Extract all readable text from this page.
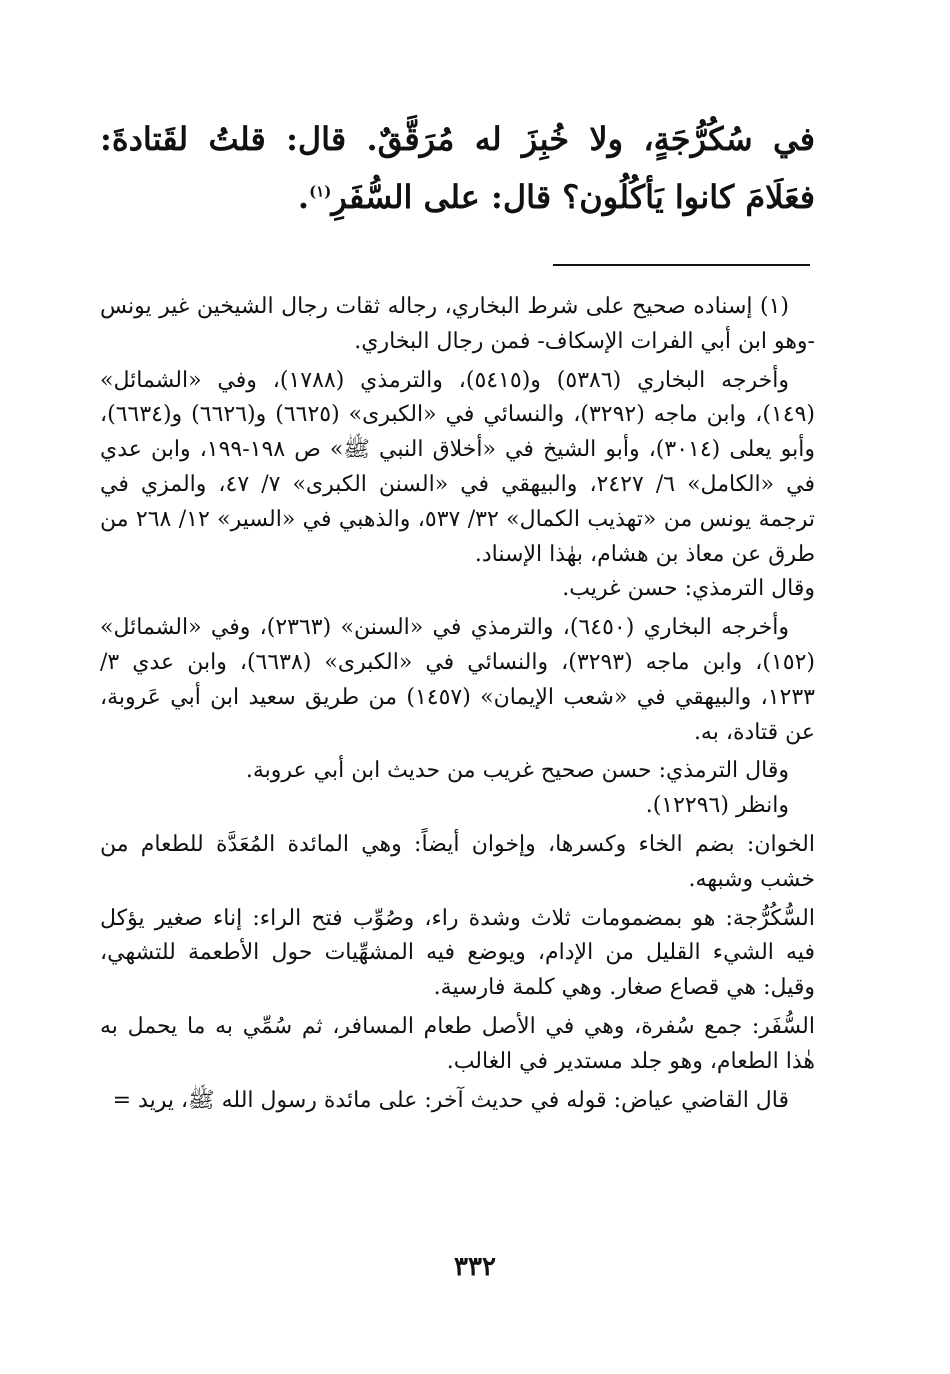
في سُكُرُّجَةٍ، ولا خُبِزَ له مُرَقَّقٌ. قال: قلتُ لقَتادةَ: فعَلَامَ كانوا يَأكُلُون؟ قال: على السُّفَرِ$^{(١)}$.

(١) إسناده صحيح على شرط البخاري، رجاله ثقات رجال الشيخين غير يونس -وهو ابن أبي الفرات الإسكاف- فمن رجال البخاري.

وأخرجه البخاري (٥٣٨٦) و(٥٤١٥)، والترمذي (١٧٨٨)، وفي «الشمائل» (١٤٩)، وابن ماجه (٣٢٩٢)، والنسائي في «الكبرى» (٦٦٢٥) و(٦٦٢٦) و(٦٦٣٤)، وأبو يعلى (٣٠١٤)، وأبو الشيخ في «أخلاق النبي ﷺ» ص ١٩٨-١٩٩، وابن عدي في «الكامل» ٦/ ٢٤٢٧، والبيهقي في «السنن الكبرى» ٧/ ٤٧، والمزي في ترجمة يونس من «تهذيب الكمال» ٣٢/ ٥٣٧، والذهبي في «السير» ١٢/ ٢٦٨ من طرق عن معاذ بن هشام، بهٰذا الإسناد.

وقال الترمذي: حسن غريب.

وأخرجه البخاري (٦٤٥٠)، والترمذي في «السنن» (٢٣٦٣)، وفي «الشمائل» (١٥٢)، وابن ماجه (٣٢٩٣)، والنسائي في «الكبرى» (٦٦٣٨)، وابن عدي ٣/ ١٢٣٣، والبيهقي في «شعب الإيمان» (١٤٥٧) من طريق سعيد ابن أبي عَروبة، عن قتادة، به.

وقال الترمذي: حسن صحيح غريب من حديث ابن أبي عروبة.

وانظر (١٢٢٩٦).

الخوان: بضم الخاء وكسرها، وإخوان أيضاً: وهي المائدة المُعَدَّة للطعام من خشب وشبهه.

السُّكُرُّجة: هو بمضمومات ثلاث وشدة راء، وصُوِّب فتح الراء: إناء صغير يؤكل فيه الشيء القليل من الإدام، ويوضع فيه المشهِّيات حول الأطعمة للتشهي، وقيل: هي قصاع صغار. وهي كلمة فارسية.

السُّفَر: جمع سُفرة، وهي في الأصل طعام المسافر، ثم سُمِّي به ما يحمل به هٰذا الطعام، وهو جلد مستدير في الغالب.

قال القاضي عياض: قوله في حديث آخر: على مائدة رسول الله ﷺ، يريد =

٣٣٢
